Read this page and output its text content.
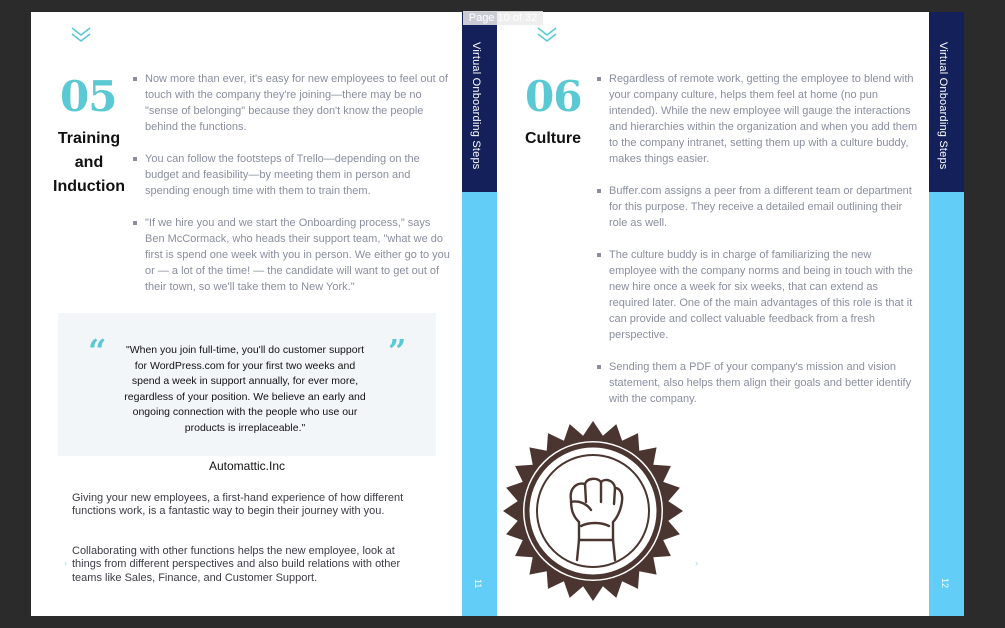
05
Training
and
Induction
Now more than ever, it's easy for new employees to feel out of touch with the company they're joining—there may be no "sense of belonging" because they don't know the people behind the functions.
You can follow the footsteps of Trello—depending on the budget and feasibility—by meeting them in person and spending enough time with them to train them.
"If we hire you and we start the Onboarding process," says Ben McCormack, who heads their support team, "what we do first is spend one week with you in person. We either go to you or — a lot of the time! — the candidate will want to get out of their town, so we'll take them to New York."
“	"When you join full-time, you'll do customer support for WordPress.com for your first two weeks and spend a week in support annually, for ever more, regardless of your position. We believe an early and ongoing connection with the people who use our products is irreplaceable."
”
Automattic.Inc
Giving your new employees, a first-hand experience of how different functions work, is a fantastic way to begin their journey with you.
Collaborating with other functions helps the new employee, look at things from different perspectives and also build relations with other teams like Sales, Finance, and Customer Support.
›
Virtual Onboarding Steps
11
06
Culture
Regardless of remote work, getting the employee to blend with your company culture, helps them feel at home (no pun intended). While the new employee will gauge the interactions and hierarchies within the organization and when you add them to the company intranet, setting them up with a culture buddy, makes things easier.
Buffer.com assigns a peer from a different team or department for this purpose. They receive a detailed email outlining their role as well.
The culture buddy is in charge of familiarizing the new employee with the company norms and being in touch with the new hire once a week for six weeks, that can extend as required later. One of the main advantages of this role is that it can provide and collect valuable feedback from a fresh perspective.
Sending them a PDF of your company's mission and vision statement, also helps them align their goals and better identify with the company.
›
Virtual Onboarding Steps
12
Page 10 of 32
